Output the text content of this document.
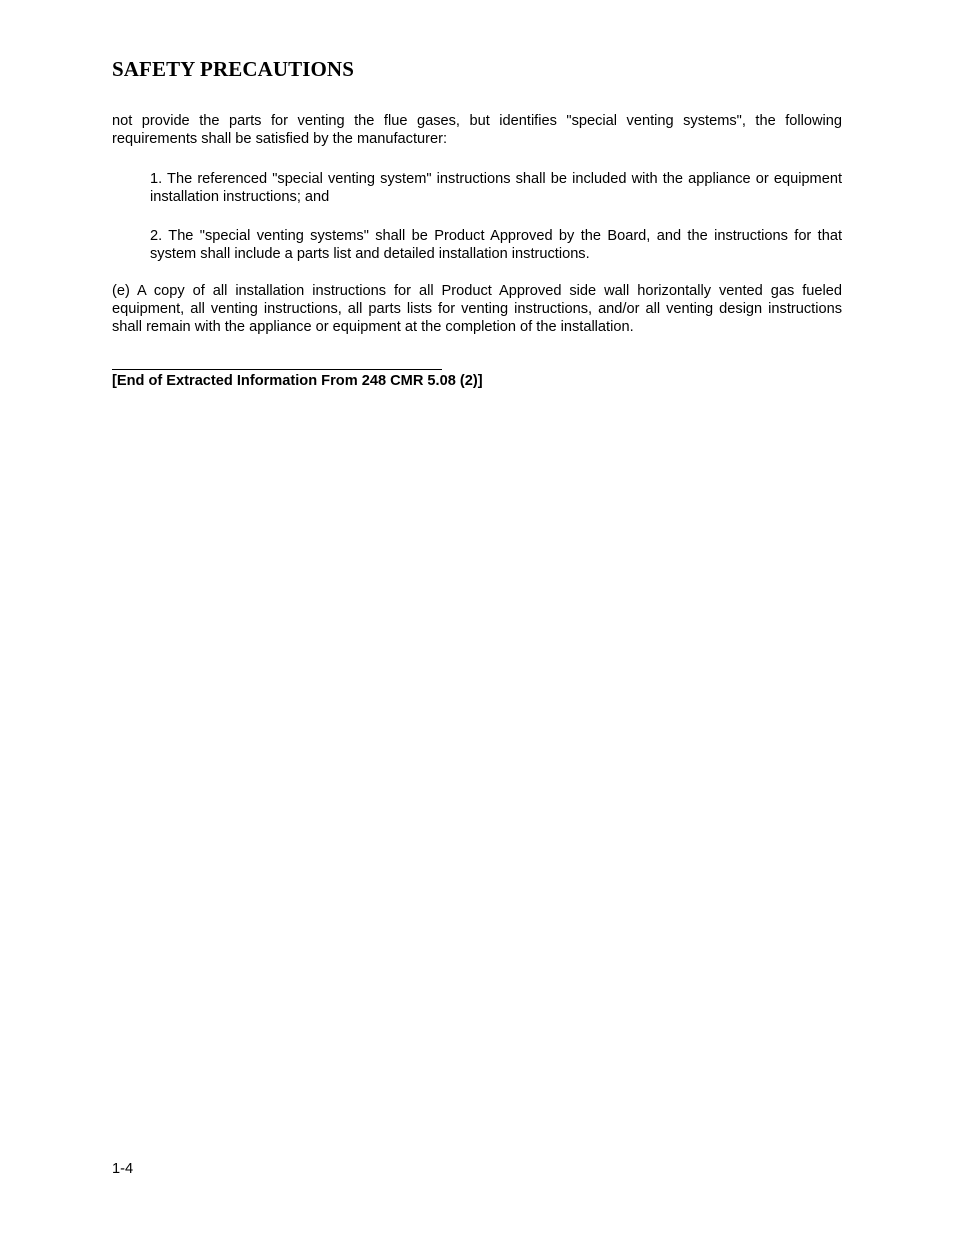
SAFETY PRECAUTIONS

not provide the parts for venting the flue gases, but identifies "special venting systems", the following requirements shall be satisfied by the manufacturer:

1. The referenced "special venting system" instructions shall be included with the appliance or equipment installation instructions; and

2. The "special venting systems" shall be Product Approved by the Board, and the instructions for that system shall include a parts list and detailed installation instructions.

(e) A copy of all installation instructions for all Product Approved side wall horizontally vented gas fueled equipment, all venting instructions, all parts lists for venting instructions, and/or all venting design instructions shall remain with the appliance or equipment at the completion of the installation.

[End of Extracted Information From 248 CMR 5.08 (2)]

1-4
